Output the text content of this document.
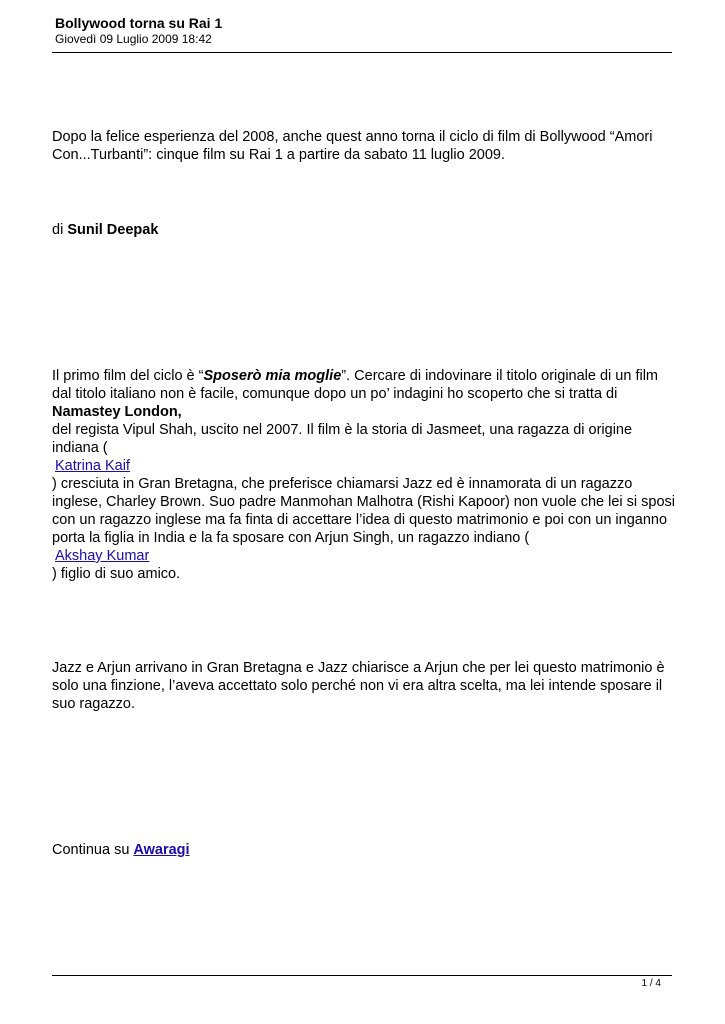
Bollywood torna su Rai 1
Giovedì 09 Luglio 2009 18:42

Dopo la felice esperienza del 2008, anche quest anno torna il ciclo di film di Bollywood “Amori Con...Turbanti”: cinque film su Rai 1 a partire da sabato 11 luglio 2009.

di Sunil Deepak

Il primo film del ciclo è “Sposerò mia moglie”. Cercare di indovinare il titolo originale di un film dal titolo italiano non è facile, comunque dopo un po’ indagini ho scoperto che si tratta di
Namastey London,
del regista Vipul Shah, uscito nel 2007. Il film è la storia di Jasmeet, una ragazza di origine indiana (
Katrina Kaif
) cresciuta in Gran Bretagna, che preferisce chiamarsi Jazz ed è innamorata di un ragazzo inglese, Charley Brown. Suo padre Manmohan Malhotra (Rishi Kapoor) non vuole che lei si sposi con un ragazzo inglese ma fa finta di accettare l’idea di questo matrimonio e poi con un inganno porta la figlia in India e la fa sposare con Arjun Singh, un ragazzo indiano (
Akshay Kumar
) figlio di suo amico.

Jazz e Arjun arrivano in Gran Bretagna e Jazz chiarisce a Arjun che per lei questo matrimonio è solo una finzione, l’aveva accettato solo perché non vi era altra scelta, ma lei intende sposare il suo ragazzo.

Continua su Awaragi

1 / 4
